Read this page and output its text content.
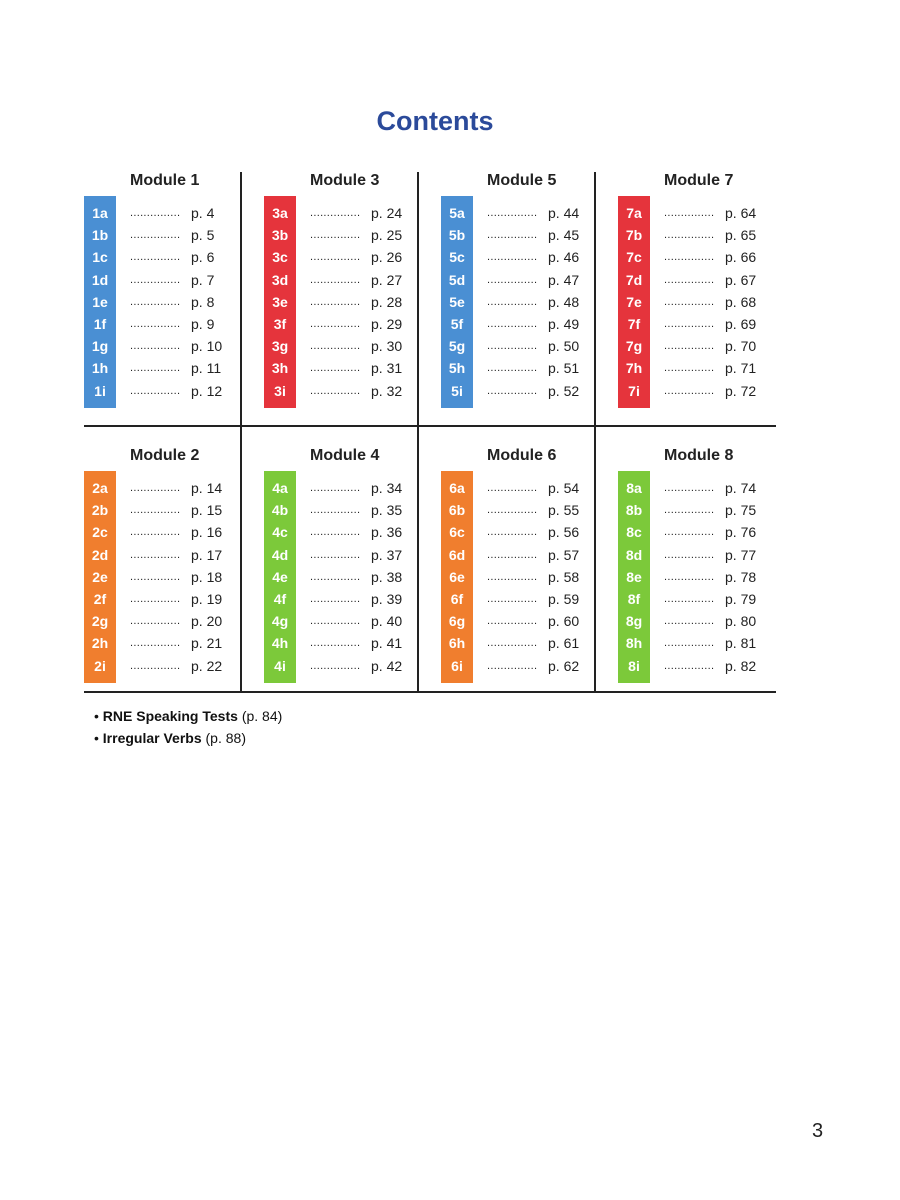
Contents
Module 1
1a	............... p. 4
1b	............... p. 5
1c	............... p. 6
1d	............... p. 7
1e	............... p. 8
1f	............... p. 9
1g	............... p. 10
1h	............... p. 11
1i	............... p. 12
Module 3
3a	............... p. 24
3b	............... p. 25
3c	............... p. 26
3d	............... p. 27
3e	............... p. 28
3f	............... p. 29
3g	............... p. 30
3h	............... p. 31
3i	............... p. 32
Module 5
5a	............... p. 44
5b	............... p. 45
5c	............... p. 46
5d	............... p. 47
5e	............... p. 48
5f	............... p. 49
5g	............... p. 50
5h	............... p. 51
5i	............... p. 52
Module 7
7a	............... p. 64
7b	............... p. 65
7c	............... p. 66
7d	............... p. 67
7e	............... p. 68
7f	............... p. 69
7g	............... p. 70
7h	............... p. 71
7i	............... p. 72
Module 2
2a	............... p. 14
2b	............... p. 15
2c	............... p. 16
2d	............... p. 17
2e	............... p. 18
2f	............... p. 19
2g	............... p. 20
2h	............... p. 21
2i	............... p. 22
Module 4
4a	............... p. 34
4b	............... p. 35
4c	............... p. 36
4d	............... p. 37
4e	............... p. 38
4f	............... p. 39
4g	............... p. 40
4h	............... p. 41
4i	............... p. 42
Module 6
6a	............... p. 54
6b	............... p. 55
6c	............... p. 56
6d	............... p. 57
6e	............... p. 58
6f	............... p. 59
6g	............... p. 60
6h	............... p. 61
6i	............... p. 62
Module 8
8a	............... p. 74
8b	............... p. 75
8c	............... p. 76
8d	............... p. 77
8e	............... p. 78
8f	............... p. 79
8g	............... p. 80
8h	............... p. 81
8i	............... p. 82
• RNE Speaking Tests (p. 84)
• Irregular Verbs (p. 88)
3
